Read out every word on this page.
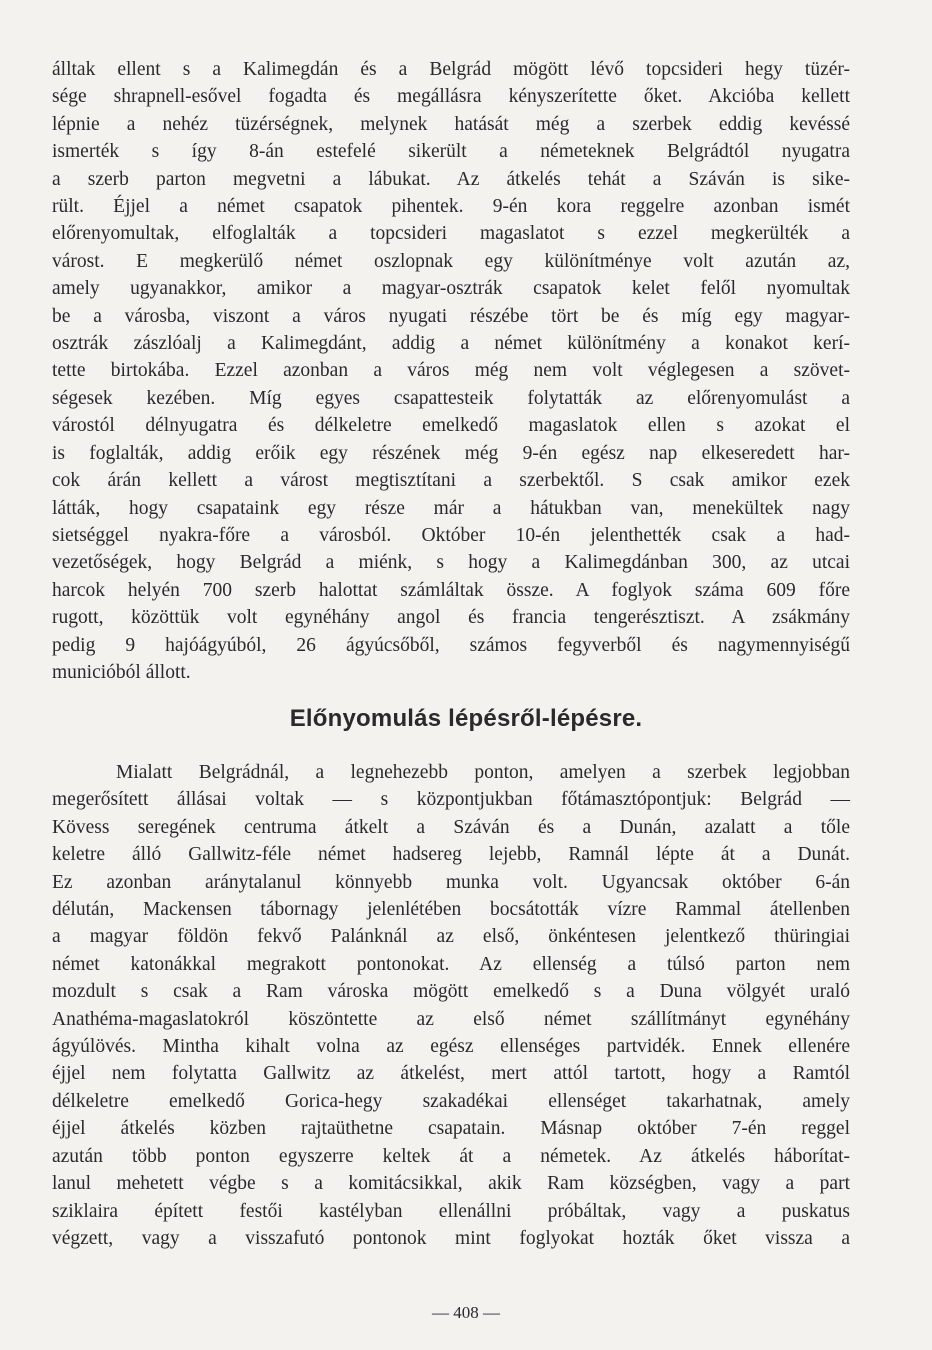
álltak ellent s a Kalimegdán és a Belgrád mögött lévő topcsideri hegy tüzér-
sége shrapnell-esővel fogadta és megállásra kényszerítette őket. Akcióba kellett
lépnie a nehéz tüzérségnek, melynek hatását még a szerbek eddig kevéssé
ismerték s így 8-án estefelé sikerült a németeknek Belgrádtól nyugatra
a szerb parton megvetni a lábukat. Az átkelés tehát a Száván is sike-
rült. Éjjel a német csapatok pihentek. 9-én kora reggelre azonban ismét
előrenyomultak, elfoglalták a topcsideri magaslatot s ezzel megkerülték a
várost. E megkerülő német oszlopnak egy különítménye volt azután az,
amely ugyanakkor, amikor a magyar-osztrák csapatok kelet felől nyomultak
be a városba, viszont a város nyugati részébe tört be és míg egy magyar-
osztrák zászlóalj a Kalimegdánt, addig a német különítmény a konakot kerí-
tette birtokába. Ezzel azonban a város még nem volt véglegesen a szövet-
ségesek kezében. Míg egyes csapattesteik folytatták az előrenyomulást a
várostól délnyugatra és délkeletre emelkedő magaslatok ellen s azokat el
is foglalták, addig erőik egy részének még 9-én egész nap elkeseredett har-
cok árán kellett a várost megtisztítani a szerbektől. S csak amikor ezek
látták, hogy csapataink egy része már a hátukban van, menekültek nagy
sietséggel nyakra-főre a városból. Október 10-én jelenthették csak a had-
vezetőségek, hogy Belgrád a miénk, s hogy a Kalimegdánban 300, az utcai
harcok helyén 700 szerb halottat számláltak össze. A foglyok száma 609 főre
rugott, közöttük volt egynéhány angol és francia tengerésztiszt. A zsákmány
pedig 9 hajóágyúból, 26 ágyúcsőből, számos fegyverből és nagymennyiségű
municióból állott.
Előnyomulás lépésről-lépésre.
Mialatt Belgrádnál, a legnehezebb ponton, amelyen a szerbek legjobban
megerősített állásai voltak — s központjukban főtámasztópontjuk: Belgrád —
Kövess seregének centruma átkelt a Száván és a Dunán, azalatt a tőle
keletre álló Gallwitz-féle német hadsereg lejebb, Ramnál lépte át a Dunát.
Ez azonban aránytalanul könnyebb munka volt. Ugyancsak október 6-án
délután, Mackensen tábornagy jelenlétében bocsátották vízre Rammal átellenben
a magyar földön fekvő Palánknál az első, önkéntesen jelentkező thüringiai
német katonákkal megrakott pontonokat. Az ellenség a túlsó parton nem
mozdult s csak a Ram városka mögött emelkedő s a Duna völgyét uraló
Anathéma-magaslatokról köszöntette az első német szállítmányt egynéhány
ágyúlövés. Mintha kihalt volna az egész ellenséges partvidék. Ennek ellenére
éjjel nem folytatta Gallwitz az átkelést, mert attól tartott, hogy a Ramtól
délkeletre emelkedő Gorica-hegy szakadékai ellenséget takarhatnak, amely
éjjel átkelés közben rajtaüthetne csapatain. Másnap október 7-én reggel
azután több ponton egyszerre keltek át a németek. Az átkelés háborítat-
lanul mehetett végbe s a komitácsikkal, akik Ram községben, vagy a part
sziklaira épített festői kastélyban ellenállni próbáltak, vagy a puskatus
végzett, vagy a visszafutó pontonok mint foglyokat hozták őket vissza a

— 408 —
